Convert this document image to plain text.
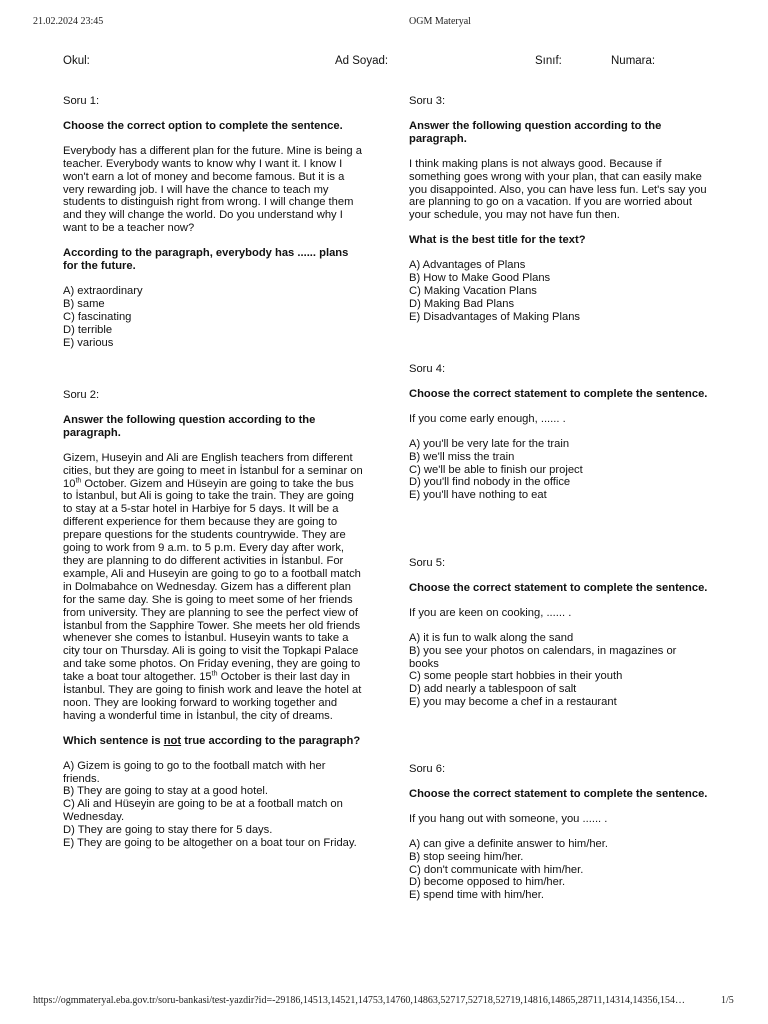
21.02.2024 23:45	OGM Materyal
Okul:	Ad Soyad:	Sınıf:	Numara:
Soru 1:
Choose the correct option to complete the sentence.
Everybody has a different plan for the future. Mine is being a teacher. Everybody wants to know why I want it. I know I won't earn a lot of money and become famous. But it is a very rewarding job. I will have the chance to teach my students to distinguish right from wrong. I will change them and they will change the world. Do you understand why I want to be a teacher now?
According to the paragraph, everybody has ...... plans for the future.
A) extraordinary
B) same
C) fascinating
D) terrible
E) various
Soru 2:
Answer the following question according to the paragraph.
Gizem, Huseyin and Ali are English teachers from different cities, but they are going to meet in İstanbul for a seminar on 10th October. Gizem and Hüseyin are going to take the bus to İstanbul, but Ali is going to take the train. They are going to stay at a 5-star hotel in Harbiye for 5 days. It will be a different experience for them because they are going to prepare questions for the students countrywide. They are going to work from 9 a.m. to 5 p.m. Every day after work, they are planning to do different activities in İstanbul. For example, Ali and Huseyin are going to go to a football match in Dolmabahce on Wednesday. Gizem has a different plan for the same day. She is going to meet some of her friends from university. They are planning to see the perfect view of İstanbul from the Sapphire Tower. She meets her old friends whenever she comes to İstanbul. Huseyin wants to take a city tour on Thursday. Ali is going to visit the Topkapi Palace and take some photos. On Friday evening, they are going to take a boat tour altogether. 15th October is their last day in İstanbul. They are going to finish work and leave the hotel at noon. They are looking forward to working together and having a wonderful time in İstanbul, the city of dreams.
Which sentence is not true according to the paragraph?
A) Gizem is going to go to the football match with her friends.
B) They are going to stay at a good hotel.
C) Ali and Hüseyin are going to be at a football match on Wednesday.
D) They are going to stay there for 5 days.
E) They are going to be altogether on a boat tour on Friday.
Soru 3:
Answer the following question according to the paragraph.
I think making plans is not always good. Because if something goes wrong with your plan, that can easily make you disappointed. Also, you can have less fun. Let's say you are planning to go on a vacation. If you are worried about your schedule, you may not have fun then.
What is the best title for the text?
A) Advantages of Plans
B) How to Make Good Plans
C) Making Vacation Plans
D) Making Bad Plans
E) Disadvantages of Making Plans
Soru 4:
Choose the correct statement to complete the sentence.
If you come early enough, ...... .
A) you'll be very late for the train
B) we'll miss the train
C) we'll be able to finish our project
D) you'll find nobody in the office
E) you'll have nothing to eat
Soru 5:
Choose the correct statement to complete the sentence.
If you are keen on cooking, ...... .
A) it is fun to walk along the sand
B) you see your photos on calendars, in magazines or books
C) some people start hobbies in their youth
D) add nearly a tablespoon of salt
E) you may become a chef in a restaurant
Soru 6:
Choose the correct statement to complete the sentence.
If you hang out with someone, you ...... .
A) can give a definite answer to him/her.
B) stop seeing him/her.
C) don't communicate with him/her.
D) become opposed to him/her.
E) spend time with him/her.
https://ogmmateryal.eba.gov.tr/soru-bankasi/test-yazdir?id=-29186,14513,14521,14753,14760,14863,52717,52718,52719,14816,14865,28711,14314,14356,154…	1/5
